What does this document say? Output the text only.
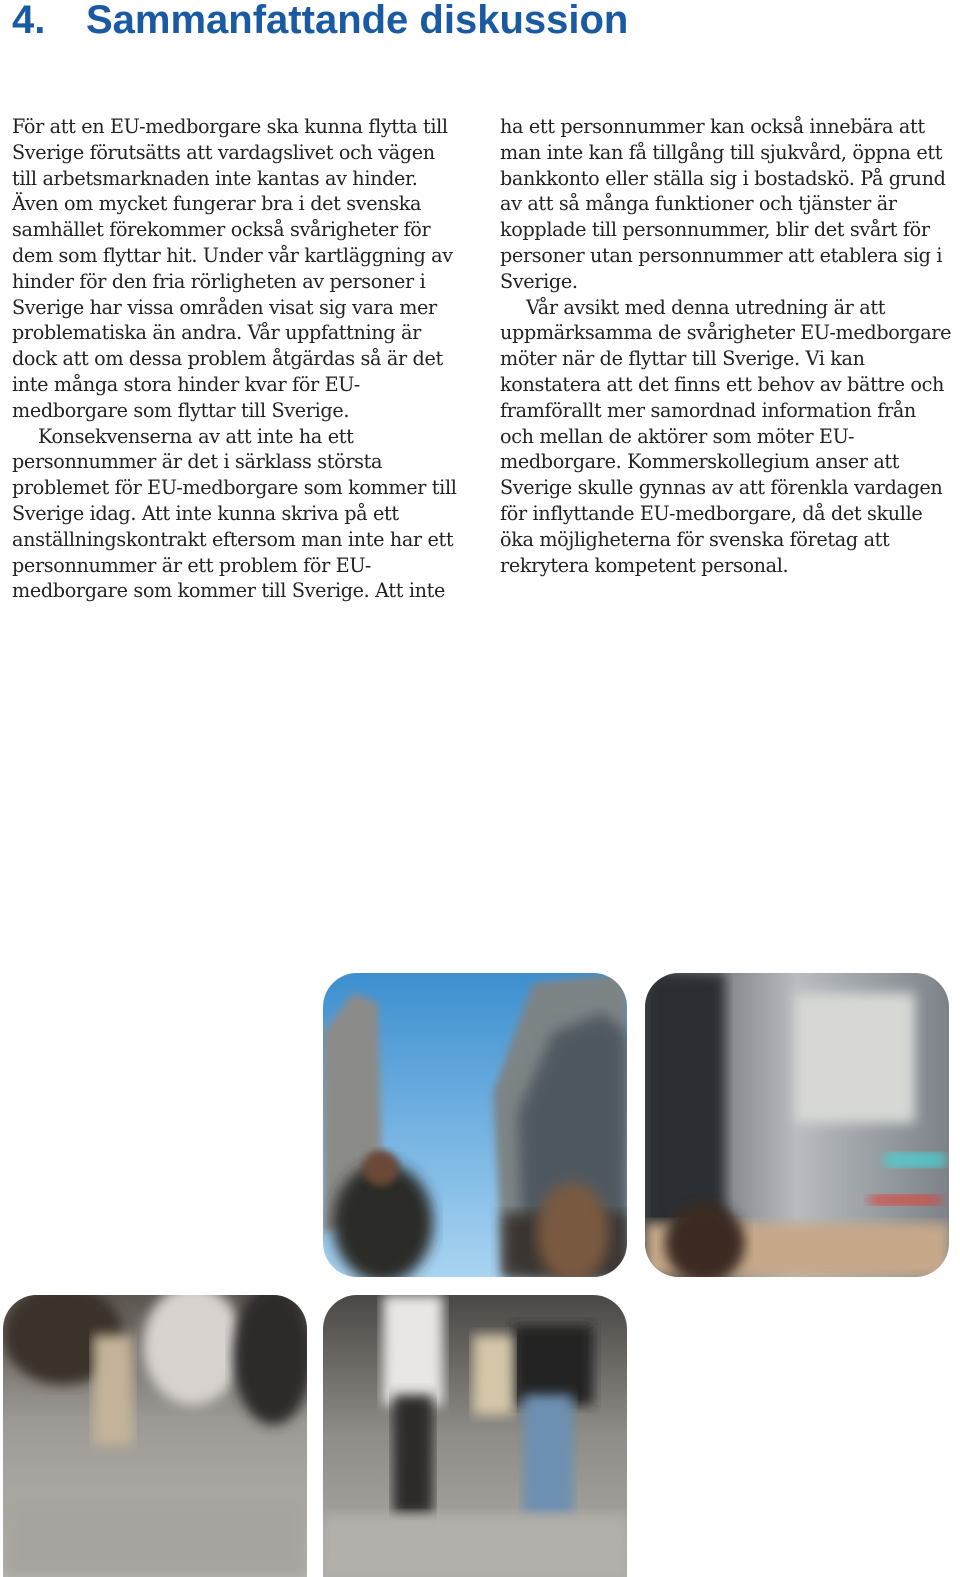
4. Sammanfattande diskussion

För att en EU-medborgare ska kunna flytta till Sverige förutsätts att vardagslivet och vägen till arbetsmarknaden inte kantas av hinder. Även om mycket fungerar bra i det svenska samhället förekommer också svårigheter för dem som flyttar hit. Under vår kartläggning av hinder för den fria rörligheten av personer i Sverige har vissa områden visat sig vara mer problematiska än andra. Vår uppfattning är dock att om dessa problem åtgärdas så är det inte många stora hinder kvar för EU-medborgare som flyttar till Sverige.

Konsekvenserna av att inte ha ett personnummer är det i särklass största problemet för EU-medborgare som kommer till Sverige idag. Att inte kunna skriva på ett anställningskontrakt eftersom man inte har ett personnummer är ett problem för EU-medborgare som kommer till Sverige. Att inte

ha ett personnummer kan också innebära att man inte kan få tillgång till sjukvård, öppna ett bankkonto eller ställa sig i bostadskö. På grund av att så många funktioner och tjänster är kopplade till personnummer, blir det svårt för personer utan personnummer att etablera sig i Sverige.

Vår avsikt med denna utredning är att uppmärksamma de svårigheter EU-medborgare möter när de flyttar till Sverige. Vi kan konstatera att det finns ett behov av bättre och framförallt mer samordnad information från och mellan de aktörer som möter EU-medborgare. Kommerskollegium anser att Sverige skulle gynnas av att förenkla vardagen för inflyttande EU-medborgare, då det skulle öka möjligheterna för svenska företag att rekrytera kompetent personal.
